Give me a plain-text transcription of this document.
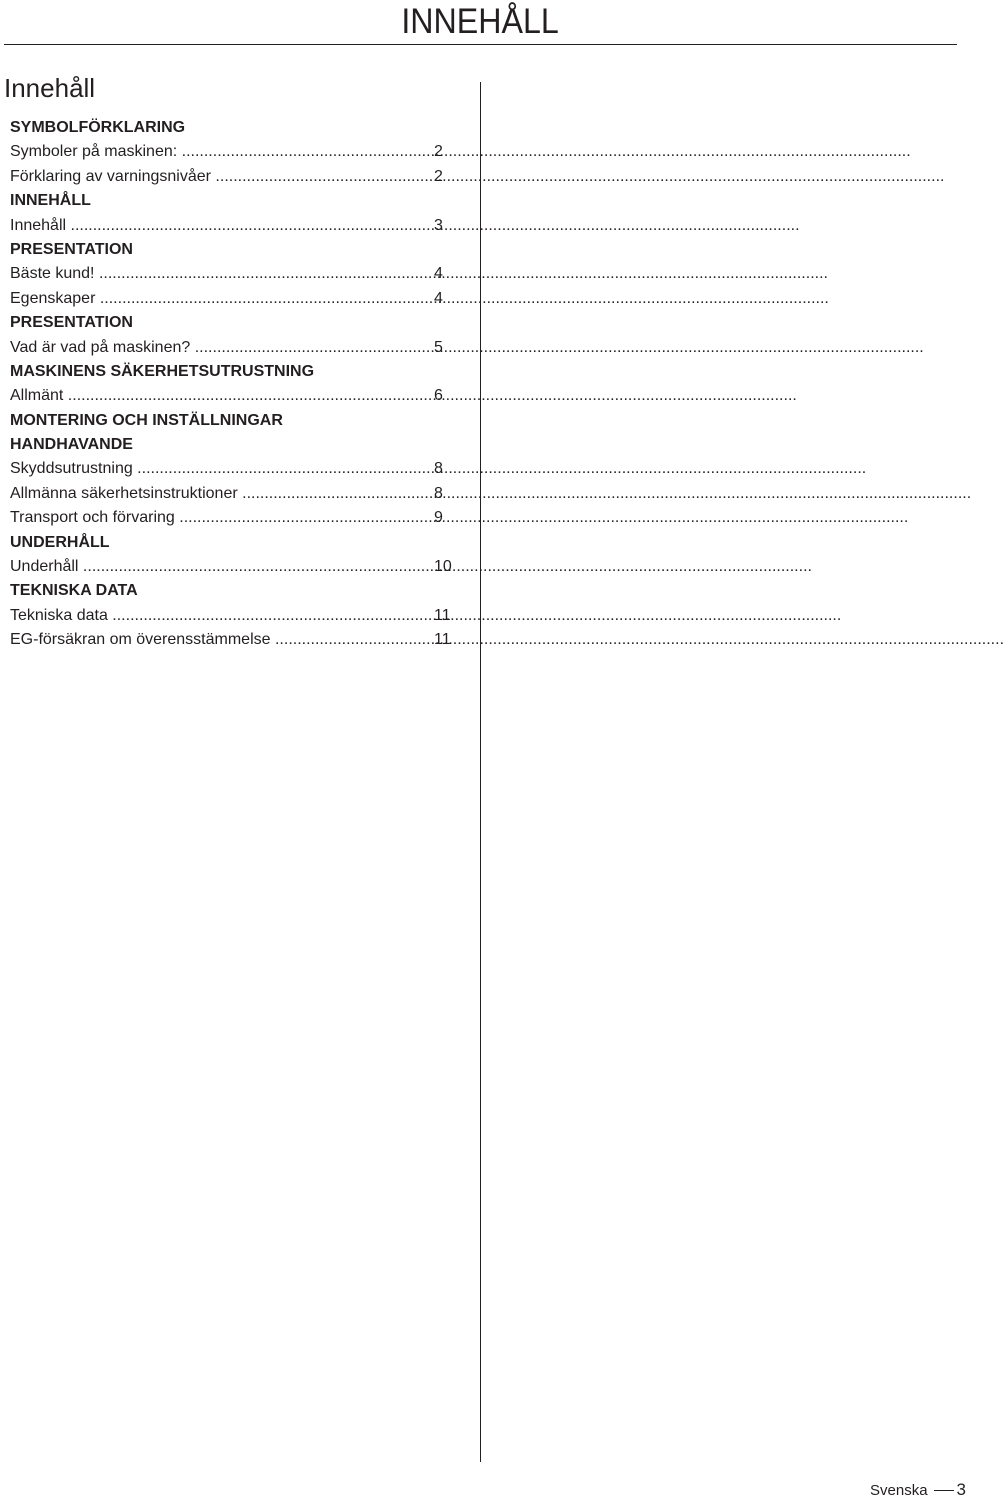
INNEHÅLL
Innehåll
SYMBOLFÖRKLARING
Symboler på maskinen: .....	2
Förklaring av varningsnivåer .....	2
INNEHÅLL
Innehåll .....	3
PRESENTATION
Bäste kund! .....	4
Egenskaper .....	4
PRESENTATION
Vad är vad på maskinen? .....	5
MASKINENS SÄKERHETSUTRUSTNING
Allmänt .....	6
MONTERING OCH INSTÄLLNINGAR
HANDHAVANDE
Skyddsutrustning .....	8
Allmänna säkerhetsinstruktioner .....	8
Transport och förvaring .....	9
UNDERHÅLL
Underhåll .....	10
TEKNISKA DATA
Tekniska data .....	11
EG-försäkran om överensstämmelse .....	11
Svenska 3
